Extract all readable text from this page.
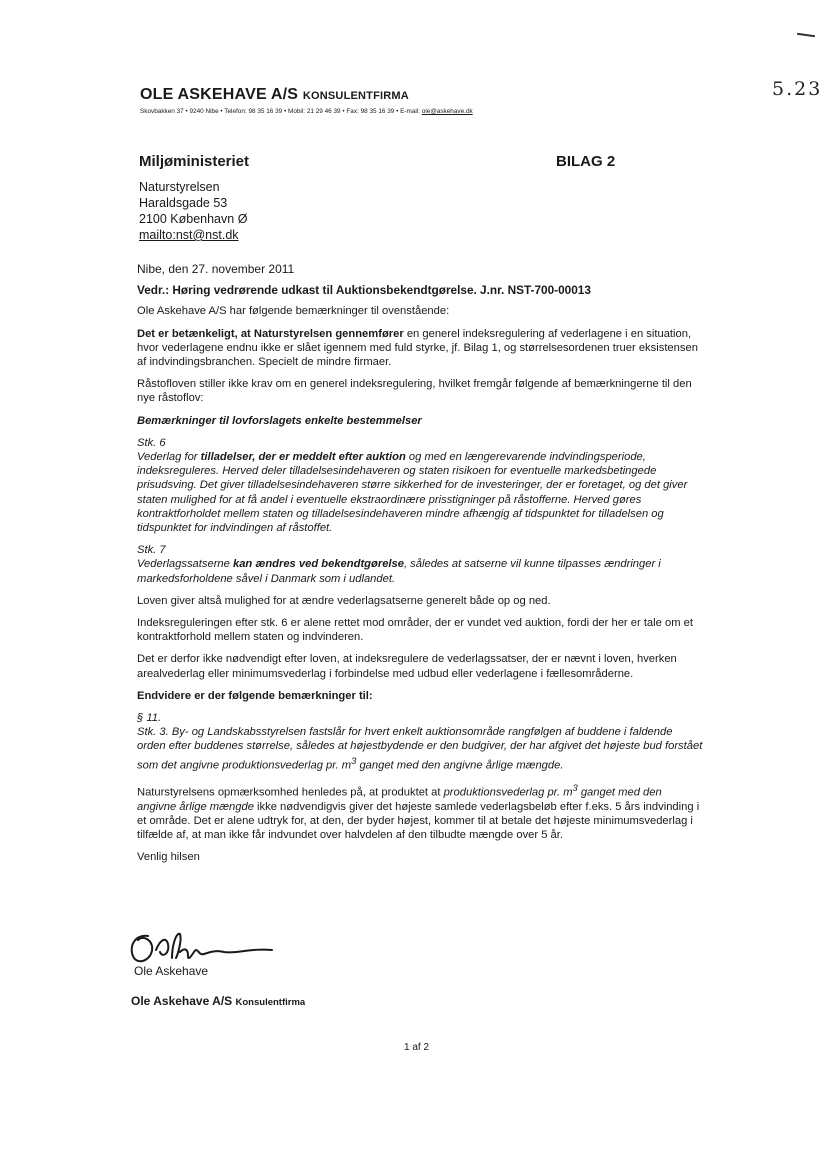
5.23
OLE ASKEHAVE A/S KONSULENTFIRMA
Skovbakken 37 • 9240 Nibe • Telefon: 98 35 16 39 • Mobil: 21 29 46 39 • Fax: 98 35 16 39 • E-mail: ole@askehave.dk
Miljøministeriet	BILAG 2
Naturstyrelsen
Haraldsgade 53
2100 København Ø
mailto:nst@nst.dk

Nibe, den 27. november 2011

Vedr.: Høring vedrørende udkast til Auktionsbekendtgørelse. J.nr. NST-700-00013

Ole Askehave A/S har følgende bemærkninger til ovenstående:

Det er betænkeligt, at Naturstyrelsen gennemfører en generel indeksregulering af vederlagene i en situation, hvor vederlagene endnu ikke er slået igennem med fuld styrke, jf. Bilag 1, og størrelsesordenen truer eksistensen af indvindingsbranchen. Specielt de mindre firmaer.

Råstofloven stiller ikke krav om en generel indeksregulering, hvilket fremgår følgende af bemærkningerne til den nye råstoflov:

Bemærkninger til lovforslagets enkelte bestemmelser

Stk. 6
Vederlag for tilladelser, der er meddelt efter auktion og med en længerevarende indvindingsperiode, indeksreguleres. Herved deler tilladelsesindehaveren og staten risikoen for eventuelle markedsbetingede prisudsving. Det giver tilladelsesindehaveren større sikkerhed for de investeringer, der er foretaget, og det giver staten mulighed for at få andel i eventuelle ekstraordinære prisstigninger på råstofferne. Herved gøres kontraktforholdet mellem staten og tilladelsesindehaveren mindre afhængig af tidspunktet for tilladelsen og tidspunktet for indvindingen af råstoffet.

Stk. 7
Vederlagssatserne kan ændres ved bekendtgørelse, således at satserne vil kunne tilpasses ændringer i markedsforholdene såvel i Danmark som i udlandet.

Loven giver altså mulighed for at ændre vederlagsatserne generelt både op og ned.

Indeksreguleringen efter stk. 6 er alene rettet mod områder, der er vundet ved auktion, fordi der her er tale om et kontraktforhold mellem staten og indvinderen.

Det er derfor ikke nødvendigt efter loven, at indeksregulere de vederlagssatser, der er nævnt i loven, hverken arealvederlag eller minimumsvederlag i forbindelse med udbud eller vederlagene i fællesområderne.

Endvidere er der følgende bemærkninger til:

§ 11.
Stk. 3. By- og Landskabsstyrelsen fastslår for hvert enkelt auktionsområde rangfølgen af buddene i faldende orden efter buddenes størrelse, således at højestbydende er den budgiver, der har afgivet det højeste bud forstået som det angivne produktionsvederlag pr. $m^3$ ganget med den angivne årlige mængde.

Naturstyrelsens opmærksomhed henledes på, at produktet at produktionsvederlag pr. $m^3$ ganget med den angivne årlige mængde ikke nødvendigvis giver det højeste samlede vederlagsbeløb efter f.eks. 5 års indvinding i et område. Det er alene udtryk for, at den, der byder højest, kommer til at betale det højeste minimumsvederlag i tilfælde af, at man ikke får indvundet over halvdelen af den tilbudte mængde over 5 år.

Venlig hilsen

Ole Askehave
Ole Askehave A/S Konsulentfirma
1 af 2
